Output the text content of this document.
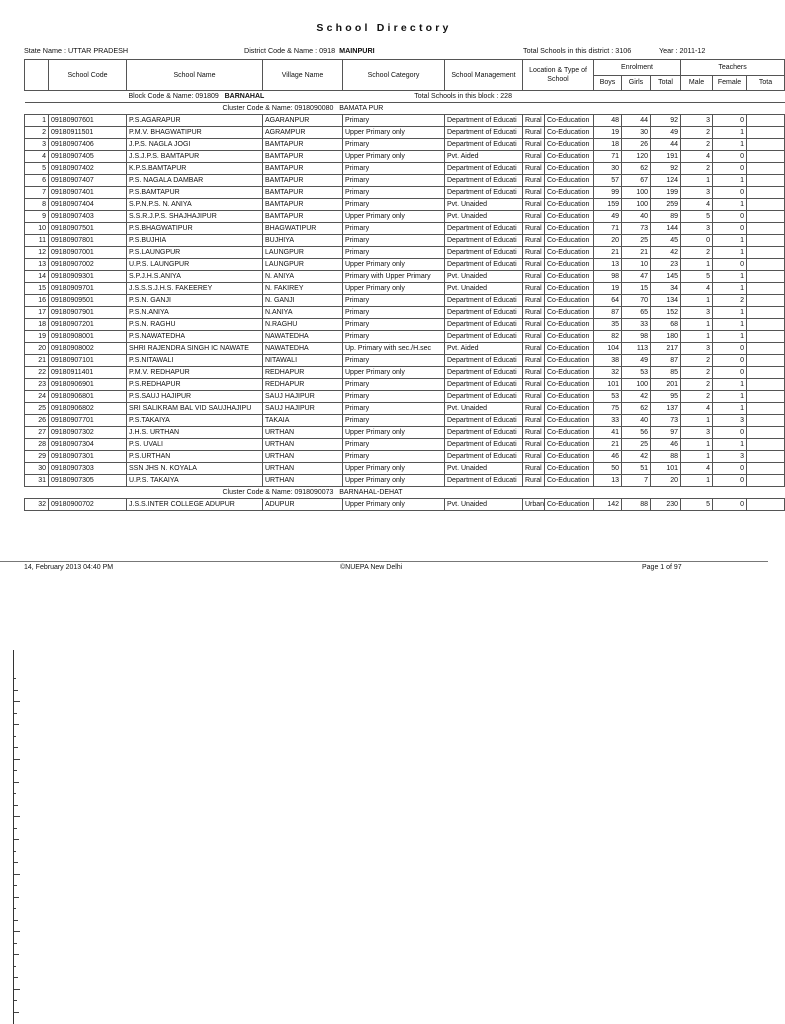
School Directory
State Name : UTTAR PRADESH	District Code & Name : 0918 MAINPURI	Total Schools in this district : 3106	Year : 2011-12
	School Code	School Name	Village Name	School Category	School Management	Location & Type of School		Enrolment			Teachers		
								Boys	Girls	Total	Male	Female	Tota
		Block Code & Name: 091809 BARNAHAL Total Schools in this block : 228											
		Cluster Code & Name: 0918090080 BAMATA PUR											
1	09180907601	P.S.AGARAPUR	AGARANPUR	Primary	Department of Educati	Rural	Co-Education	48	44	92	3	0	
2	09180911501	P.M.V. BHAGWATIPUR	AGRAMPUR	Upper Primary only	Department of Educati	Rural	Co-Education	19	30	49	2	1	
3	09180907406	J.P.S. NAGLA JOGI	BAMTAPUR	Primary	Department of Educati	Rural	Co-Education	18	26	44	2	1	
4	09180907405	J.S.J.P.S. BAMTAPUR	BAMTAPUR	Upper Primary only	Pvt. Aided	Rural	Co-Education	71	120	191	4	0	
5	09180907402	K.P.S.BAMTAPUR	BAMTAPUR	Primary	Department of Educati	Rural	Co-Education	30	62	92	2	0	
6	09180907407	P.S. NAGALA DAMBAR	BAMTAPUR	Primary	Department of Educati	Rural	Co-Education	57	67	124	1	1	
7	09180907401	P.S.BAMTAPUR	BAMTAPUR	Primary	Department of Educati	Rural	Co-Education	99	100	199	3	0	
8	09180907404	S.P.N.P.S. N. ANIYA	BAMTAPUR	Primary	Pvt. Unaided	Rural	Co-Education	159	100	259	4	1	
9	09180907403	S.S.R.J.P.S. SHAJHAJIPUR	BAMTAPUR	Upper Primary only	Pvt. Unaided	Rural	Co-Education	49	40	89	5	0	
10	09180907501	P.S.BHAGWATIPUR	BHAGWATIPUR	Primary	Department of Educati	Rural	Co-Education	71	73	144	3	0	
11	09180907801	P.S.BUJHIA	BUJHIYA	Primary	Department of Educati	Rural	Co-Education	20	25	45	0	1	
12	09180907001	P.S.LAUNGPUR	LAUNGPUR	Primary	Department of Educati	Rural	Co-Education	21	21	42	2	1	
13	09180907002	U.P.S. LAUNGPUR	LAUNGPUR	Upper Primary only	Department of Educati	Rural	Co-Education	13	10	23	1	0	
14	09180909301	S.P.J.H.S.ANIYA	N. ANIYA	Primary with Upper Primary	Pvt. Unaided	Rural	Co-Education	98	47	145	5	1	
15	09180909701	J.S.S.S.J.H.S. FAKEEREY	N. FAKIREY	Upper Primary only	Pvt. Unaided	Rural	Co-Education	19	15	34	4	1	
16	09180909501	P.S.N. GANJI	N. GANJI	Primary	Department of Educati	Rural	Co-Education	64	70	134	1	2	
17	09180907901	P.S.N.ANIYA	N.ANIYA	Primary	Department of Educati	Rural	Co-Education	87	65	152	3	1	
18	09180907201	P.S.N. RAGHU	N.RAGHU	Primary	Department of Educati	Rural	Co-Education	35	33	68	1	1	
19	09180908001	P.S.NAWATEDHA	NAWATEDHA	Primary	Department of Educati	Rural	Co-Education	82	98	180	1	1	
20	09180908002	SHRI RAJENDRA SINGH IC NAWATE	NAWATEDHA	Up. Primary with sec./H.sec	Pvt. Aided	Rural	Co-Education	104	113	217	3	0	
21	09180907101	P.S.NITAWALI	NITAWALI	Primary	Department of Educati	Rural	Co-Education	38	49	87	2	0	
22	09180911401	P.M.V. REDHAPUR	REDHAPUR	Upper Primary only	Department of Educati	Rural	Co-Education	32	53	85	2	0	
23	09180906901	P.S.REDHAPUR	REDHAPUR	Primary	Department of Educati	Rural	Co-Education	101	100	201	2	1	
24	09180906801	P.S.SAUJ HAJIPUR	SAUJ HAJIPUR	Primary	Department of Educati	Rural	Co-Education	53	42	95	2	1	
25	09180906802	SRI SALIKRAM BAL VID SAUJHAJIPU	SAUJ HAJIPUR	Primary	Pvt. Unaided	Rural	Co-Education	75	62	137	4	1	
26	09180907701	P.S.TAKAIYA	TAKAIA	Primary	Department of Educati	Rural	Co-Education	33	40	73	1	3	
27	09180907302	J.H.S. URTHAN	URTHAN	Upper Primary only	Department of Educati	Rural	Co-Education	41	56	97	3	0	
28	09180907304	P.S. UVALI	URTHAN	Primary	Department of Educati	Rural	Co-Education	21	25	46	1	1	
29	09180907301	P.S.URTHAN	URTHAN	Primary	Department of Educati	Rural	Co-Education	46	42	88	1	3	
30	09180907303	SSN JHS N. KOYALA	URTHAN	Upper Primary only	Pvt. Unaided	Rural	Co-Education	50	51	101	4	0	
31	09180907305	U.P.S. TAKAIYA	URTHAN	Upper Primary only	Department of Educati	Rural	Co-Education	13	7	20	1	0	
		Cluster Code & Name: 0918090073 BARNAHAL-DEHAT											
32	09180900702	J.S.S.INTER COLLEGE ADUPUR	ADUPUR	Upper Primary only	Pvt. Unaided	Urban	Co-Education	142	88	230	5	0	
14, February 2013 04:40 PM	©NUEPA New Delhi	Page 1 of 97
